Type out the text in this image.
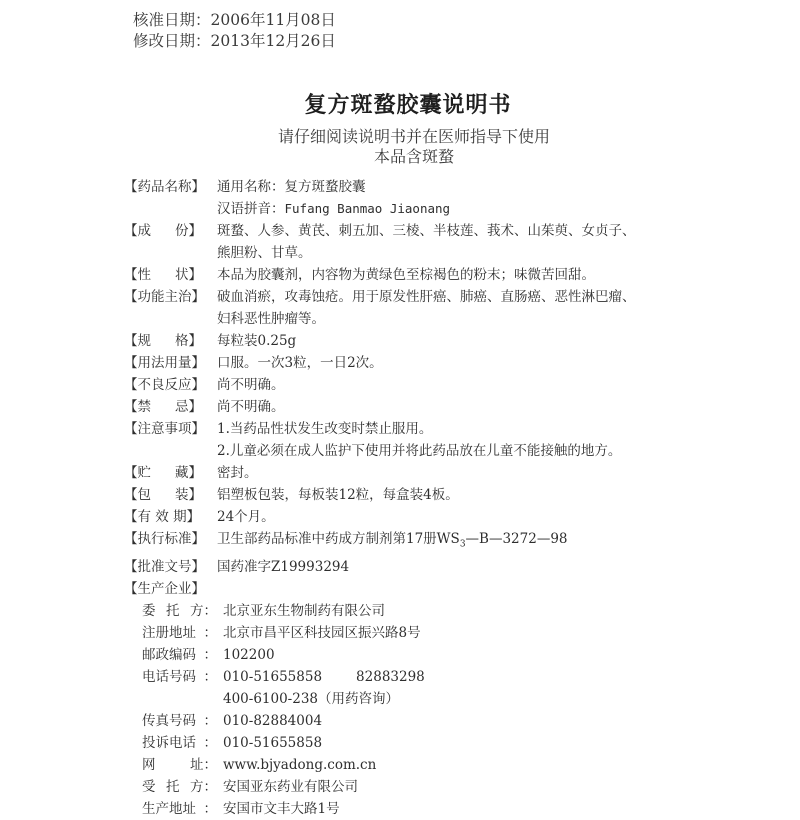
核准日期：2006年11月08日
修改日期：2013年12月26日
复方斑蝥胶囊说明书
请仔细阅读说明书并在医师指导下使用
本品含斑蝥
【药品名称】 通用名称：复方斑蝥胶囊
汉语拼音： Fufang Banmao Jiaonang
【成 份】 斑蝥、人参、黄芪、刺五加、三棱、半枝莲、莪术、山茱萸、女贞子、
熊胆粉、甘草。
【性 状】 本品为胶囊剂，内容物为黄绿色至棕褐色的粉末；味微苦回甜。
【功能主治】 破血消瘀，攻毒蚀疮。用于原发性肝癌、肺癌、直肠癌、恶性淋巴瘤、
妇科恶性肿瘤等。
【规 格】 每粒装0.25g
【用法用量】 口服。一次3粒，一日2次。
【不良反应】 尚不明确。
【禁 忌】 尚不明确。
【注意事项】 1.当药品性状发生改变时禁止服用。
2.儿童必须在成人监护下使用并将此药品放在儿童不能接触的地方。
【贮 藏】 密封。
【包 装】 铝塑板包装，每板装12粒，每盒装4板。
【有 效 期】	24个月。
【执行标准】 卫生部药品标准中药成方制剂第17册$WS_3—B—3272—98$
【批准文号】 国药准字Z19993294
【生产企业】
委 托 方 ： 北京亚东生物制药有限公司
注册地址 ： 北京市昌平区科技园区振兴路8号
邮政编码 ： 102200
电话号码 ： 010-51655858	82883298
400-6100-238（用药咨询）
传真号码 ： 010-82884004
投诉电话 ： 010-51655858
网	址 ： www.bjyadong.com.cn
受 托 方 ： 安国亚东药业有限公司
生产地址 ： 安国市文丰大路1号
